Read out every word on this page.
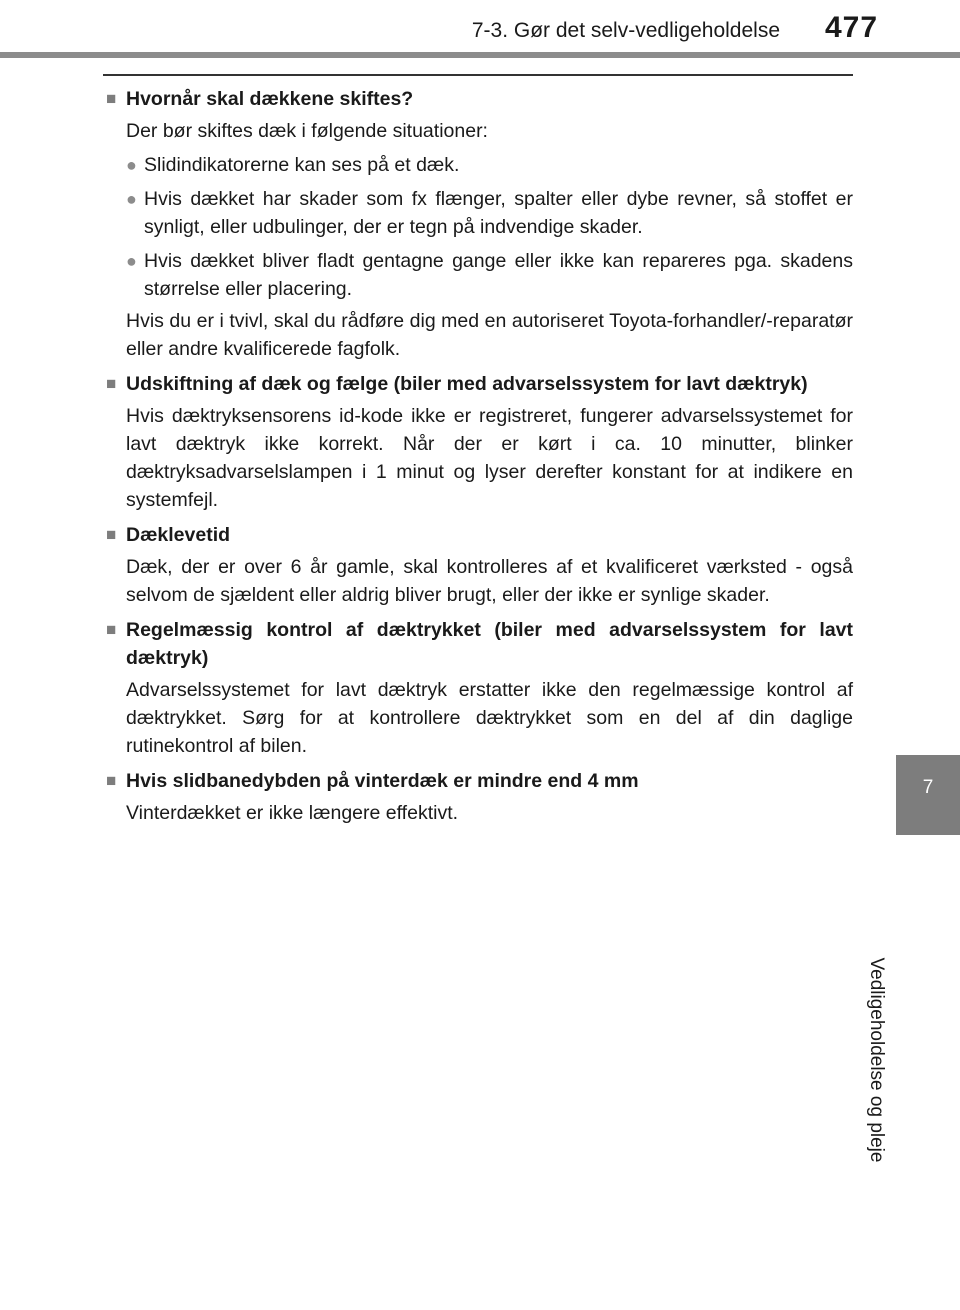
7-3. Gør det selv-vedligeholdelse 477
7
Vedligeholdelse og pleje
■ Hvornår skal dækkene skiftes?
Der bør skiftes dæk i følgende situationer:
● Slidindikatorerne kan ses på et dæk.
● Hvis dækket har skader som fx flænger, spalter eller dybe revner, så stoffet er synligt, eller udbulinger, der er tegn på indvendige skader.
● Hvis dækket bliver fladt gentagne gange eller ikke kan repareres pga. skadens størrelse eller placering.
Hvis du er i tvivl, skal du rådføre dig med en autoriseret Toyota-forhandler/-reparatør eller andre kvalificerede fagfolk.
■ Udskiftning af dæk og fælge (biler med advarselssystem for lavt dæktryk)
Hvis dæktryksensorens id-kode ikke er registreret, fungerer advarselssystemet for lavt dæktryk ikke korrekt. Når der er kørt i ca. 10 minutter, blinker dæktryksadvarselslampen i 1 minut og lyser derefter konstant for at indikere en systemfejl.
■ Dæklevetid
Dæk, der er over 6 år gamle, skal kontrolleres af et kvalificeret værksted - også selvom de sjældent eller aldrig bliver brugt, eller der ikke er synlige skader.
■ Regelmæssig kontrol af dæktrykket (biler med advarselssystem for lavt dæktryk)
Advarselssystemet for lavt dæktryk erstatter ikke den regelmæssige kontrol af dæktrykket. Sørg for at kontrollere dæktrykket som en del af din daglige rutinekontrol af bilen.
■ Hvis slidbanedybden på vinterdæk er mindre end 4 mm
Vinterdækket er ikke længere effektivt.
